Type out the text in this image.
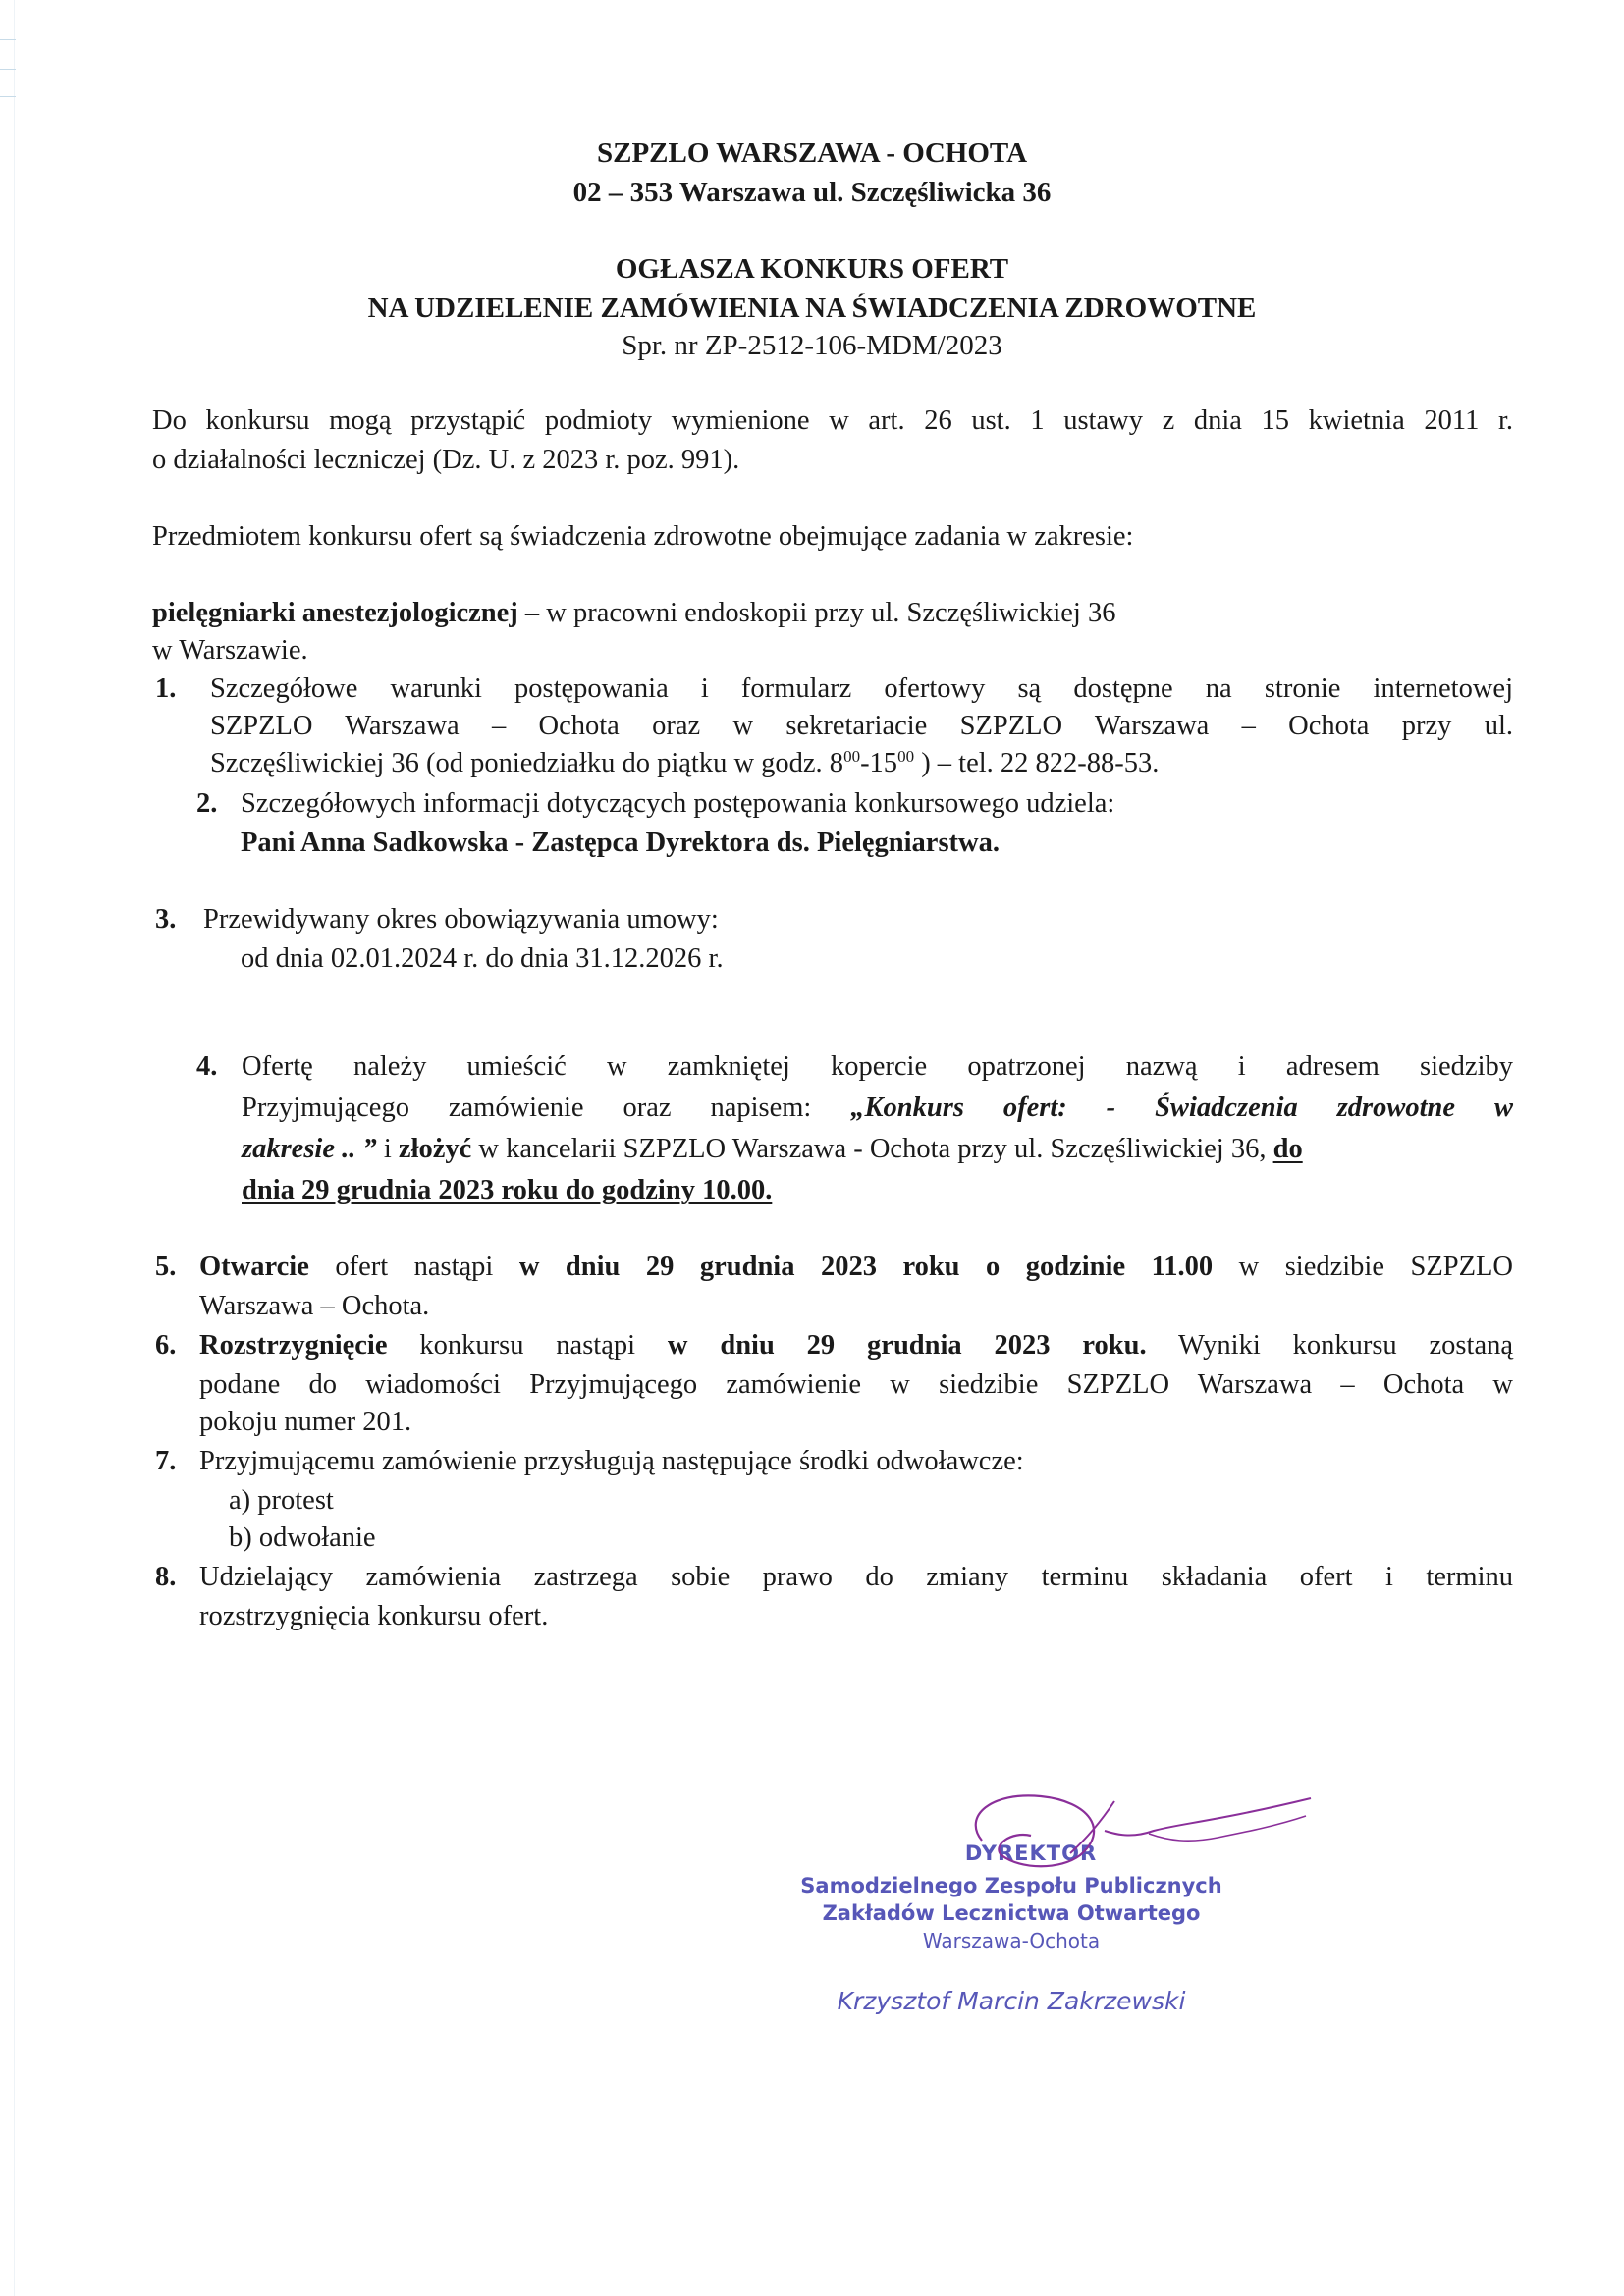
SZPZLO WARSZAWA - OCHOTA
02 – 353 Warszawa ul. Szczęśliwicka 36
OGŁASZA KONKURS OFERT
NA UDZIELENIE ZAMÓWIENIA NA ŚWIADCZENIA ZDROWOTNE
Spr. nr ZP-2512-106-MDM/2023
Do konkursu mogą przystąpić podmioty wymienione w art. 26 ust. 1 ustawy z dnia 15 kwietnia 2011 r.
o działalności leczniczej (Dz. U. z 2023 r. poz. 991).
Przedmiotem konkursu ofert są świadczenia zdrowotne obejmujące zadania w zakresie:
pielęgniarki anestezjologicznej – w pracowni endoskopii przy ul. Szczęśliwickiej 36
w Warszawie.
1. Szczegółowe warunki postępowania i formularz ofertowy są dostępne na stronie internetowej
SZPZLO Warszawa – Ochota oraz w sekretariacie SZPZLO Warszawa – Ochota przy ul.
Szczęśliwickiej 36 (od poniedziałku do piątku w godz. $8^{00}-15^{00}$ ) – tel. 22 822-88-53.
2. Szczegółowych informacji dotyczących postępowania konkursowego udziela:
Pani Anna Sadkowska - Zastępca Dyrektora ds. Pielęgniarstwa.
3. Przewidywany okres obowiązywania umowy:
od dnia 02.01.2024 r. do dnia 31.12.2026 r.
4. Ofertę należy umieścić w zamkniętej kopercie opatrzonej nazwą i adresem siedziby
Przyjmującego zamówienie oraz napisem: „Konkurs ofert: - Świadczenia zdrowotne w
zakresie .. ” i złożyć w kancelarii SZPZLO Warszawa - Ochota przy ul. Szczęśliwickiej 36, do
dnia 29 grudnia 2023 roku do godziny 10.00.
5. Otwarcie ofert nastąpi w dniu 29 grudnia 2023 roku o godzinie 11.00 w siedzibie SZPZLO
Warszawa – Ochota.
6. Rozstrzygnięcie konkursu nastąpi w dniu 29 grudnia 2023 roku. Wyniki konkursu zostaną
podane do wiadomości Przyjmującego zamówienie w siedzibie SZPZLO Warszawa – Ochota w
pokoju numer 201.
7. Przyjmującemu zamówienie przysługują następujące środki odwoławcze:
a) protest
b) odwołanie
8. Udzielający zamówienia zastrzega sobie prawo do zmiany terminu składania ofert i terminu
rozstrzygnięcia konkursu ofert.
DYREKTOR
Samodzielnego Zespołu Publicznych
Zakładów Lecznictwa Otwartego
Warszawa-Ochota
Krzysztof Marcin Zakrzewski
